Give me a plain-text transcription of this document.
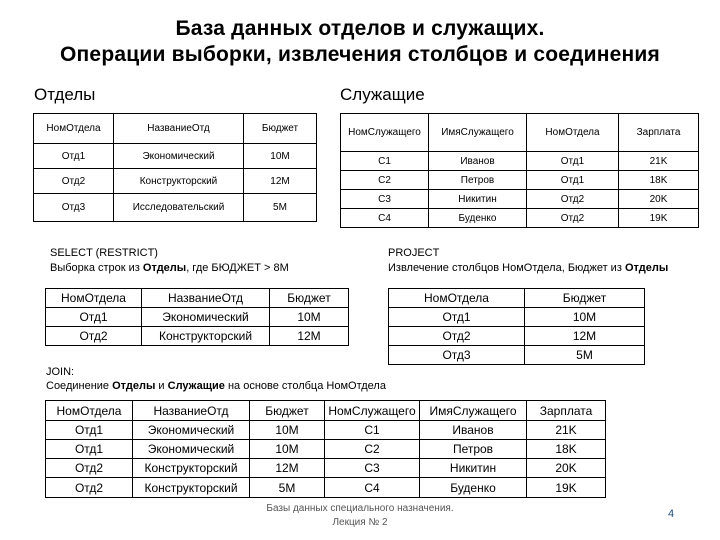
База данных отделов и служащих.
Операции выборки, извлечения столбцов и соединения
Отделы	Служащие
НомОтдела	НазваниеОтд	Бюджет
Отд1	Экономический	10М
Отд2	Конструкторский	12М
Отд3	Исследовательский	5М
НомСлужащего	ИмяСлужащего	НомОтдела	Зарплата
С1	Иванов	Отд1	21K
С2	Петров	Отд1	18K
С3	Никитин	Отд2	20K
С4	Буденко	Отд2	19K
SELECT (RESTRICT)
Выборка строк из Отделы, где БЮДЖЕТ > 8М
PROJECT
Извлечение столбцов НомОтдела, Бюджет из Отделы
НомОтдела	НазваниеОтд	Бюджет
Отд1	Экономический	10М
Отд2	Конструкторский	12М
НомОтдела	Бюджет
Отд1	10М
Отд2	12М
Отд3	5М
JOIN:
Соединение Отделы и Служащие на основе столбца НомОтдела
НомОтдела	НазваниеОтд	Бюджет	НомСлужащего	ИмяСлужащего	Зарплата
Отд1	Экономический	10М	С1	Иванов	21K
Отд1	Экономический	10М	С2	Петров	18K
Отд2	Конструкторский	12М	С3	Никитин	20K
Отд2	Конструкторский	5М	С4	Буденко	19K
Базы данных специального назначения.
Лекция № 2
4
